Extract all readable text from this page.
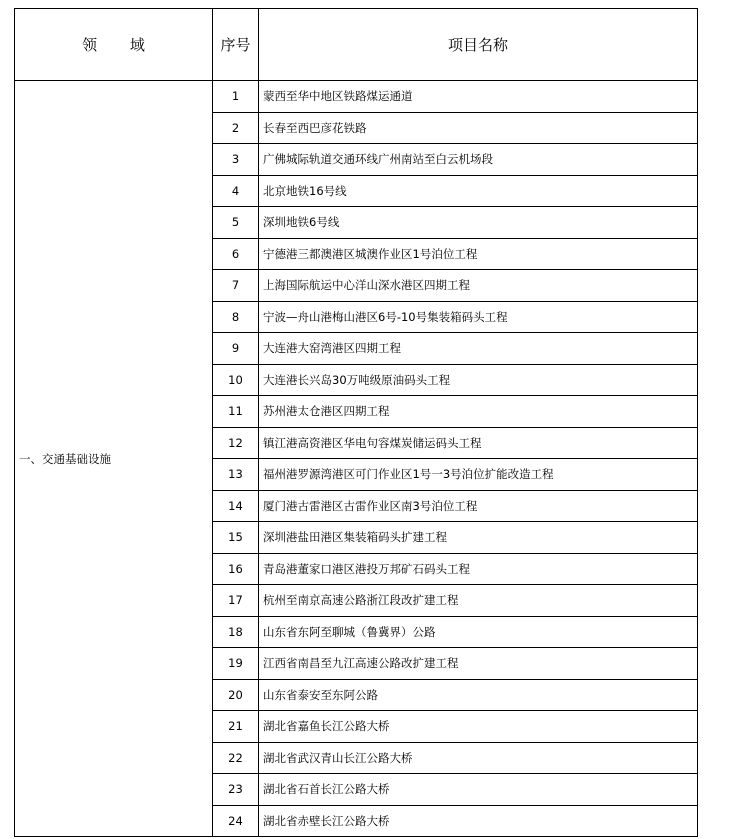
领 域	序号	项目名称
一、交通基础设施	1	蒙西至华中地区铁路煤运通道
	2	长春至西巴彦花铁路
	3	广佛城际轨道交通环线广州南站至白云机场段
	4	北京地铁16号线
	5	深圳地铁6号线
	6	宁德港三都澳港区城澳作业区1号泊位工程
	7	上海国际航运中心洋山深水港区四期工程
	8	宁波—舟山港梅山港区6号-10号集装箱码头工程
	9	大连港大窑湾港区四期工程
	10	大连港长兴岛30万吨级原油码头工程
	11	苏州港太仓港区四期工程
	12	镇江港高资港区华电句容煤炭储运码头工程
	13	福州港罗源湾港区可门作业区1号一3号泊位扩能改造工程
	14	厦门港古雷港区古雷作业区南3号泊位工程
	15	深圳港盐田港区集装箱码头扩建工程
	16	青岛港董家口港区港投万邦矿石码头工程
	17	杭州至南京高速公路浙江段改扩建工程
	18	山东省东阿至聊城（鲁冀界）公路
	19	江西省南昌至九江高速公路改扩建工程
	20	山东省泰安至东阿公路
	21	湖北省嘉鱼长江公路大桥
	22	湖北省武汉青山长江公路大桥
	23	湖北省石首长江公路大桥
	24	湖北省赤壁长江公路大桥
